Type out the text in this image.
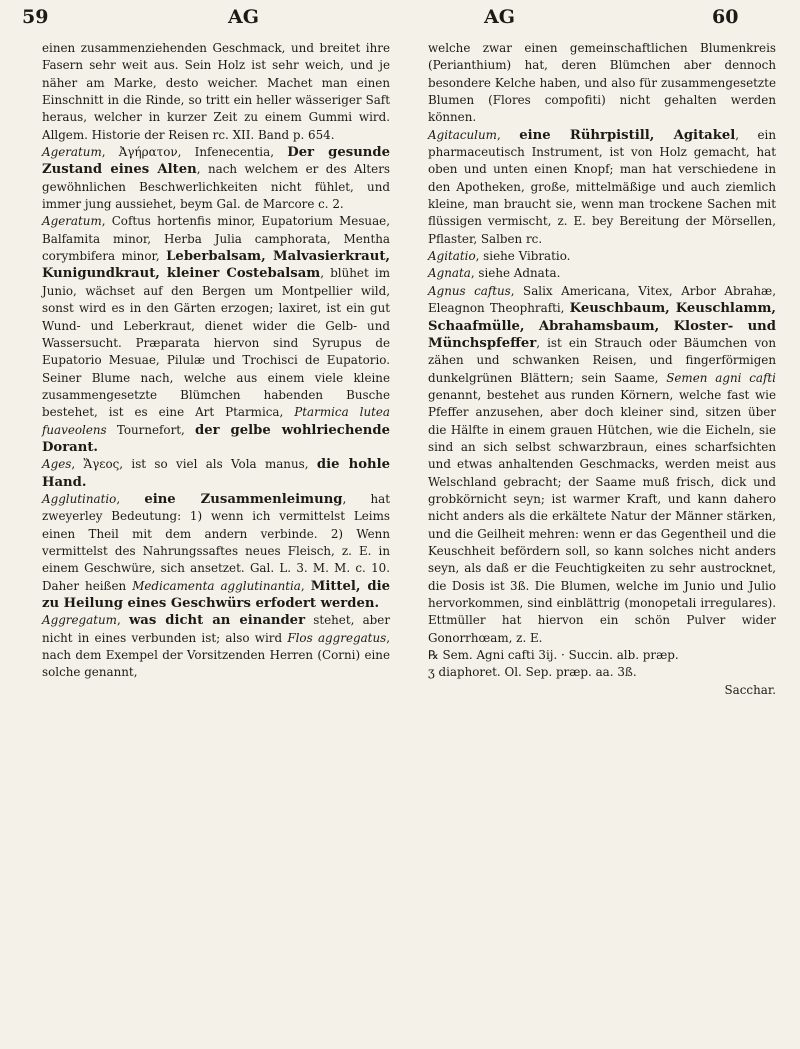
59	AG	AG	60

einen zusammenziehenden Geschmack, und breitet ihre Fasern sehr weit aus. Sein Holz ist sehr weich, und je näher am Marke, desto weicher. Machet man einen Einschnitt in die Rinde, so tritt ein heller wässeriger Saft heraus, welcher in kurzer Zeit zu einem Gummi wird. Allgem. Historie der Reisen rc. XII. Band p. 654.

Ageratum, Ἀγήρατον, Infenecentia, Der gesunde Zustand eines Alten, nach welchem er des Alters gewöhnlichen Beschwerlichkeiten nicht fühlet, und immer jung aussiehet, beym Gal. de Marcore c. 2.

Ageratum, Coftus hortenfis minor, Eupatorium Mesuae, Balfamita minor, Herba Julia camphorata, Mentha corymbifera minor, Leberbalsam, Malvasierkraut, Kunigundkraut, kleiner Costebalsam, blühet im Junio, wächset auf den Bergen um Montpellier wild, sonst wird es in den Gärten erzogen; laxiret, ist ein gut Wund- und Leberkraut, dienet wider die Gelb- und Wassersucht. Præparata hiervon sind Syrupus de Eupatorio Mesuae, Pilulæ und Trochisci de Eupatorio. Seiner Blume nach, welche aus einem viele kleine zusammengesetzte Blümchen habenden Busche bestehet, ist es eine Art Ptarmica, Ptarmica lutea fuaveolens Tournefort, der gelbe wohlriechende Dorant.

Ages, Ἄγεος, ist so viel als Vola manus, die hohle Hand.

Agglutinatio, eine Zusammenleimung, hat zweyerley Bedeutung: 1) wenn ich vermittelst Leims einen Theil mit dem andern verbinde. 2) Wenn vermittelst des Nahrungssaftes neues Fleisch, z. E. in einem Geschwüre, sich ansetzet. Gal. L. 3. M. M. c. 10. Daher heißen Medicamenta agglutinantia, Mittel, die zu Heilung eines Geschwürs erfodert werden.

Aggregatum, was dicht an einander stehet, aber nicht in eines verbunden ist; also wird Flos aggregatus, nach dem Exempel der Vorsitzenden Herren (Corni) eine solche genannt,

welche zwar einen gemeinschaftlichen Blumenkreis (Perianthium) hat, deren Blümchen aber dennoch besondere Kelche haben, und also für zusammengesetzte Blumen (Flores compofiti) nicht gehalten werden können.

Agitaculum, eine Rührpistill, Agitakel, ein pharmaceutisch Instrument, ist von Holz gemacht, hat oben und unten einen Knopf; man hat verschiedene in den Apotheken, große, mittelmäßige und auch ziemlich kleine, man braucht sie, wenn man trockene Sachen mit flüssigen vermischt, z. E. bey Bereitung der Mörsellen, Pflaster, Salben rc.

Agitatio, siehe Vibratio.

Agnata, siehe Adnata.

Agnus caftus, Salix Americana, Vitex, Arbor Abrahæ, Eleagnon Theophrafti, Keuschbaum, Keuschlamm, Schaafmülle, Abrahamsbaum, Kloster- und Münchspfeffer, ist ein Strauch oder Bäumchen von zähen und schwanken Reisen, und fingerförmigen dunkelgrünen Blättern; sein Saame, Semen agni cafti genannt, bestehet aus runden Körnern, welche fast wie Pfeffer anzusehen, aber doch kleiner sind, sitzen über die Hälfte in einem grauen Hütchen, wie die Eicheln, sie sind an sich selbst schwarzbraun, eines scharfsichten und etwas anhaltenden Geschmacks, werden meist aus Welschland gebracht; der Saame muß frisch, dick und grobkörnicht seyn; ist warmer Kraft, und kann dahero nicht anders als die erkältete Natur der Männer stärken, und die Geilheit mehren: wenn er das Gegentheil und die Keuschheit befördern soll, so kann solches nicht anders seyn, als daß er die Feuchtigkeiten zu sehr austrocknet, die Dosis ist 3ß. Die Blumen, welche im Junio und Julio hervorkommen, sind einblättrig (monopetali irregulares). Ettmüller hat hiervon ein schön Pulver wider Gonorrhœam, z. E.

℞ Sem. Agni cafti 3ij. · Succin. alb. præp.

ʒ diaphoret. Ol. Sep. præp. aa. 3ß.

Sacchar.
